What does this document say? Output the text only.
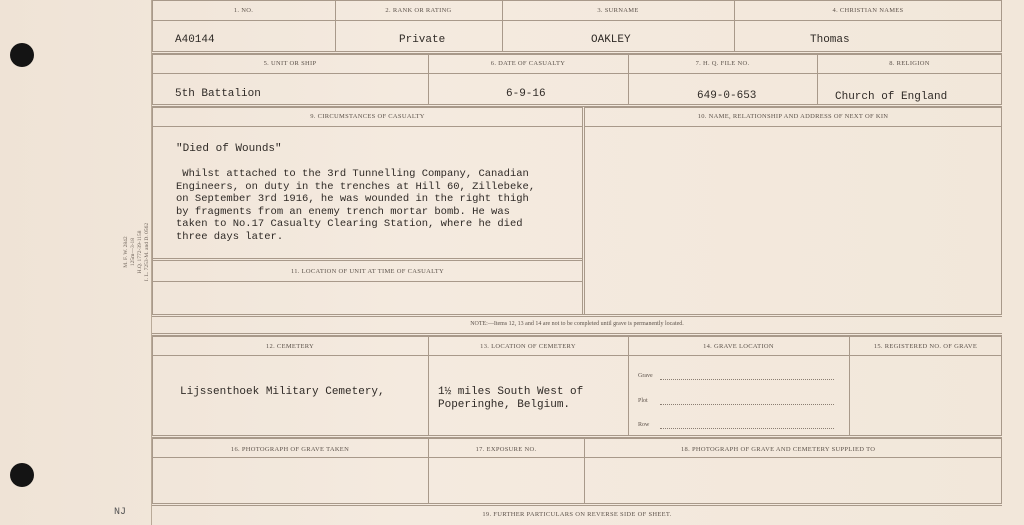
M. F. W. 2842
125m—3-18
H.Q. 1772-39-1158
I. L. 7253-M. and D. 0562
NJ
1. NO.	2. RANK OR RATING	3. SURNAME	4. CHRISTIAN NAMES
A40144	Private	OAKLEY	Thomas
5. UNIT OR SHIP	6. DATE OF CASUALTY	7. H. Q. FILE NO.	8. RELIGION
5th Battalion	6-9-16	649-0-653	Church of England
9. CIRCUMSTANCES OF CASUALTY	10. NAME, RELATIONSHIP AND ADDRESS OF NEXT OF KIN
"Died of Wounds"
Whilst attached to the 3rd Tunnelling Company, Canadian
Engineers, on duty in the trenches at Hill 60, Zillebeke,
on September 3rd 1916, he was wounded in the right thigh
by fragments from an enemy trench mortar bomb. He was
taken to No.17 Casualty Clearing Station, where he died
three days later.
11. LOCATION OF UNIT AT TIME OF CASUALTY
NOTE:—Items 12, 13 and 14 are not to be completed until grave is permanently located.
12. CEMETERY	13. LOCATION OF CEMETERY	14. GRAVE LOCATION	15. REGISTERED NO. OF GRAVE
Lijssenthoek Military Cemetery,	1½ miles South West of
Poperinghe, Belgium.
Grave
Plot
Row
16. PHOTOGRAPH OF GRAVE TAKEN	17. EXPOSURE NO.	18. PHOTOGRAPH OF GRAVE AND CEMETERY SUPPLIED TO
19. FURTHER PARTICULARS ON REVERSE SIDE OF SHEET.
